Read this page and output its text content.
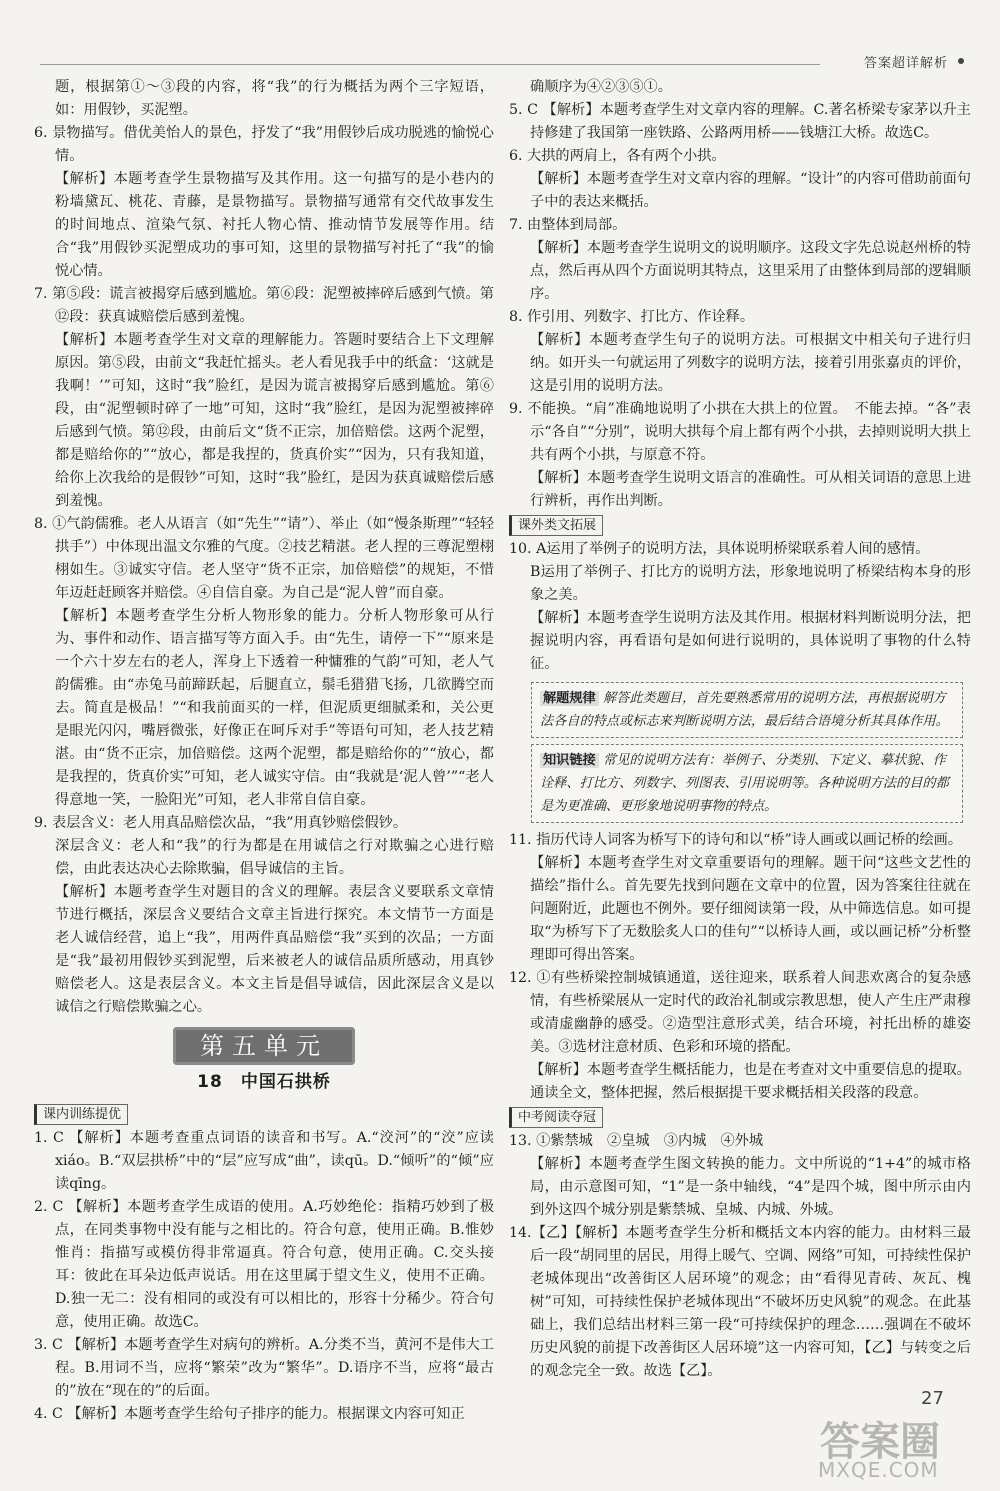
答案超详解析

题，根据第①～③段的内容，将“我”的行为概括为两个三字短语，如：用假钞，买泥塑。

6. 景物描写。借优美怡人的景色，抒发了“我”用假钞后成功脱逃的愉悦心情。

【解析】本题考查学生景物描写及其作用。这一句描写的是小巷内的粉墙黛瓦、桃花、青藤，是景物描写。景物描写通常有交代故事发生的时间地点、渲染气氛、衬托人物心情、推动情节发展等作用。结合“我”用假钞买泥塑成功的事可知，这里的景物描写衬托了“我”的愉悦心情。

7. 第⑤段：谎言被揭穿后感到尴尬。第⑥段：泥塑被摔碎后感到气愤。第⑫段：获真诚赔偿后感到羞愧。

【解析】本题考查学生对文章的理解能力。答题时要结合上下文理解原因。第⑤段，由前文“我赶忙摇头。老人看见我手中的纸盒：‘这就是我啊！’”可知，这时“我”脸红，是因为谎言被揭穿后感到尴尬。第⑥段，由“泥塑顿时碎了一地”可知，这时“我”脸红，是因为泥塑被摔碎后感到气愤。第⑫段，由前后文“货不正宗，加倍赔偿。这两个泥塑，都是赔给你的”“放心，都是我捏的，货真价实”“因为，只有我知道，给你上次我给的是假钞”可知，这时“我”脸红，是因为获真诚赔偿后感到羞愧。

8. ①气韵儒雅。老人从语言（如“先生”“请”）、举止（如“慢条斯理”“轻轻拱手”）中体现出温文尔雅的气度。②技艺精湛。老人捏的三尊泥塑栩栩如生。③诚实守信。老人坚守“货不正宗，加倍赔偿”的规矩，不惜年迈赶赶顾客并赔偿。④自信自豪。为自己是“泥人曾”而自豪。

【解析】本题考查学生分析人物形象的能力。分析人物形象可从行为、事件和动作、语言描写等方面入手。由“先生，请停一下”“原来是一个六十岁左右的老人，浑身上下透着一种慵雅的气韵”可知，老人气韵儒雅。由“赤兔马前蹄跃起，后腿直立，鬃毛猎猎飞扬，几欲腾空而去。简直是极品！”“和我前面买的一样，但泥质更细腻柔和，关公更是眼光闪闪，嘴唇微张，好像正在呵斥对手”等语句可知，老人技艺精湛。由“货不正宗，加倍赔偿。这两个泥塑，都是赔给你的”“放心，都是我捏的，货真价实”可知，老人诚实守信。由“我就是‘泥人曾’”“老人得意地一笑，一脸阳光”可知，老人非常自信自豪。

9. 表层含义：老人用真品赔偿次品，“我”用真钞赔偿假钞。

深层含义：老人和“我”的行为都是在用诚信之行对欺骗之心进行赔偿，由此表达决心去除欺骗，倡导诚信的主旨。

【解析】本题考查学生对题目的含义的理解。表层含义要联系文章情节进行概括，深层含义要结合文章主旨进行探究。本文情节一方面是老人诚信经营，追上“我”，用两件真品赔偿“我”买到的次品；一方面是“我”最初用假钞买到泥塑，后来被老人的诚信品质所感动，用真钞赔偿老人。这是表层含义。本文主旨是倡导诚信，因此深层含义是以诚信之行赔偿欺骗之心。

第五单元
18　中国石拱桥
课内训练提优

1. C 【解析】本题考查重点词语的读音和书写。A.“洨河”的“洨”应读xiáo。B.“双层拱桥”中的“层”应写成“曲”，读qū。D.“倾听”的“倾”应读qīng。

2. C 【解析】本题考查学生成语的使用。A.巧妙绝伦：指精巧妙到了极点，在同类事物中没有能与之相比的。符合句意，使用正确。B.惟妙惟肖：指描写或模仿得非常逼真。符合句意，使用正确。C.交头接耳：彼此在耳朵边低声说话。用在这里属于望文生义，使用不正确。D.独一无二：没有相同的或没有可以相比的，形容十分稀少。符合句意，使用正确。故选C。

3. C 【解析】本题考查学生对病句的辨析。A.分类不当，黄河不是伟大工程。B.用词不当，应将“繁荣”改为“繁华”。D.语序不当，应将“最古的”放在“现在的”的后面。

4. C 【解析】本题考查学生给句子排序的能力。根据课文内容可知正

确顺序为④②③⑤①。

5. C 【解析】本题考查学生对文章内容的理解。C.著名桥梁专家茅以升主持修建了我国第一座铁路、公路两用桥——钱塘江大桥。故选C。

6. 大拱的两肩上，各有两个小拱。

【解析】本题考查学生对文章内容的理解。“设计”的内容可借助前面句子中的表达来概括。

7. 由整体到局部。

【解析】本题考查学生说明文的说明顺序。这段文字先总说赵州桥的特点，然后再从四个方面说明其特点，这里采用了由整体到局部的逻辑顺序。

8. 作引用、列数字、打比方、作诠释。

【解析】本题考查学生句子的说明方法。可根据文中相关句子进行归纳。如开头一句就运用了列数字的说明方法，接着引用张嘉贞的评价，这是引用的说明方法。

9. 不能换。“肩”准确地说明了小拱在大拱上的位置。　不能去掉。“各”表示“各自”“分别”，说明大拱每个肩上都有两个小拱，去掉则说明大拱上共有两个小拱，与原意不符。

【解析】本题考查学生说明文语言的准确性。可从相关词语的意思上进行辨析，再作出判断。

课外类文拓展

10. A运用了举例子的说明方法，具体说明桥梁联系着人间的感情。

B运用了举例子、打比方的说明方法，形象地说明了桥梁结构本身的形象之美。

【解析】本题考查学生说明方法及其作用。根据材料判断说明分法，把握说明内容，再看语句是如何进行说明的，具体说明了事物的什么特征。

解题规律 解答此类题目，首先要熟悉常用的说明方法，再根据说明方法各自的特点或标志来判断说明方法，最后结合语境分析其具体作用。
知识链接 常见的说明方法有：举例子、分类别、下定义、摹状貌、作诠释、打比方、列数字、列图表、引用说明等。各种说明方法的目的都是为更准确、更形象地说明事物的特点。

11. 指历代诗人词客为桥写下的诗句和以“桥”诗人画或以画记桥的绘画。

【解析】本题考查学生对文章重要语句的理解。题干问“这些文艺性的描绘”指什么。首先要先找到问题在文章中的位置，因为答案往往就在问题附近，此题也不例外。要仔细阅读第一段，从中筛选信息。如可提取“为桥写下了无数脍炙人口的佳句”“以桥诗人画，或以画记桥”分析整理即可得出答案。

12. ①有些桥梁控制城镇通道，送往迎来，联系着人间悲欢离合的复杂感情，有些桥梁展从一定时代的政治礼制或宗教思想，使人产生庄严肃穆或清虚幽静的感受。②造型注意形式美，结合环境，衬托出桥的雄姿美。③选材注意材质、色彩和环境的搭配。

【解析】本题考查学生概括能力，也是在考查对文中重要信息的提取。通读全文，整体把握，然后根据提干要求概括相关段落的段意。

中考阅读夺冠

13. ①紫禁城　②皇城　③内城　④外城

【解析】本题考查学生图文转换的能力。文中所说的“1+4”的城市格局，由示意图可知，“1”是一条中轴线，“4”是四个城，图中所示由内到外这四个城分别是紫禁城、皇城、内城、外城。

14.【乙】【解析】本题考查学生分析和概括文本内容的能力。由材料三最后一段“胡同里的居民，用得上暖气、空调、网络”可知，可持续性保护老城体现出“改善街区人居环境”的观念；由“看得见青砖、灰瓦、槐树”可知，可持续性保护老城体现出“不破坏历史风貌”的观念。在此基础上，我们总结出材料三第一段“可持续保护的理念……强调在不破坏历史风貌的前提下改善街区人居环境”这一内容可知，【乙】与转变之后的观念完全一致。故选【乙】。

27
答案圈
MXQE.COM
